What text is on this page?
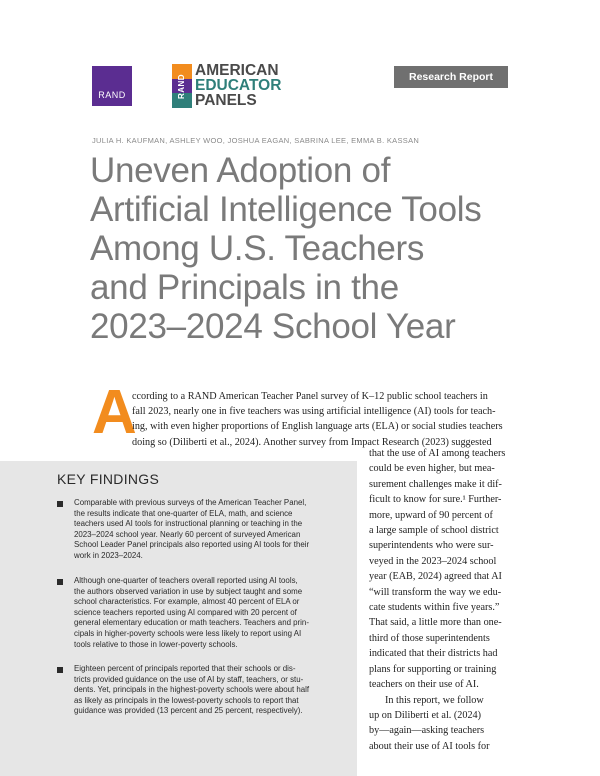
RAND
AMERICAN
EDUCATOR
PANELS
RAND	Research Report
JULIA H. KAUFMAN, ASHLEY WOO, JOSHUA EAGAN, SABRINA LEE, EMMA B. KASSAN
Uneven Adoption of
Artificial Intelligence Tools
Among U.S. Teachers
and Principals in the
2023–2024 School Year
A
ccording to a RAND American Teacher Panel survey of K–12 public school teachers in
fall 2023, nearly one in five teachers was using artificial intelligence (AI) tools for teach-
ing, with even higher proportions of English language arts (ELA) or social studies teachers
doing so (Diliberti et al., 2024). Another survey from Impact Research (2023) suggested
that the use of AI among teachers
could be even higher, but mea-
surement challenges make it dif-
ficult to know for sure.¹ Further-
more, upward of 90 percent of
a large sample of school district
superintendents who were sur-
veyed in the 2023–2024 school
year (EAB, 2024) agreed that AI
“will transform the way we edu-
cate students within five years.”
That said, a little more than one-
third of those superintendents
indicated that their districts had
plans for supporting or training
teachers on their use of AI.
In this report, we follow
up on Diliberti et al. (2024)
by—again—asking teachers
about their use of AI tools for
KEY FINDINGS
Comparable with previous surveys of the American Teacher Panel,
the results indicate that one-quarter of ELA, math, and science
teachers used AI tools for instructional planning or teaching in the
2023–2024 school year. Nearly 60 percent of surveyed American
School Leader Panel principals also reported using AI tools for their
work in 2023–2024.
Although one-quarter of teachers overall reported using AI tools,
the authors observed variation in use by subject taught and some
school characteristics. For example, almost 40 percent of ELA or
science teachers reported using AI compared with 20 percent of
general elementary education or math teachers. Teachers and prin-
cipals in higher-poverty schools were less likely to report using AI
tools relative to those in lower-poverty schools.
Eighteen percent of principals reported that their schools or dis-
tricts provided guidance on the use of AI by staff, teachers, or stu-
dents. Yet, principals in the highest-poverty schools were about half
as likely as principals in the lowest-poverty schools to report that
guidance was provided (13 percent and 25 percent, respectively).
